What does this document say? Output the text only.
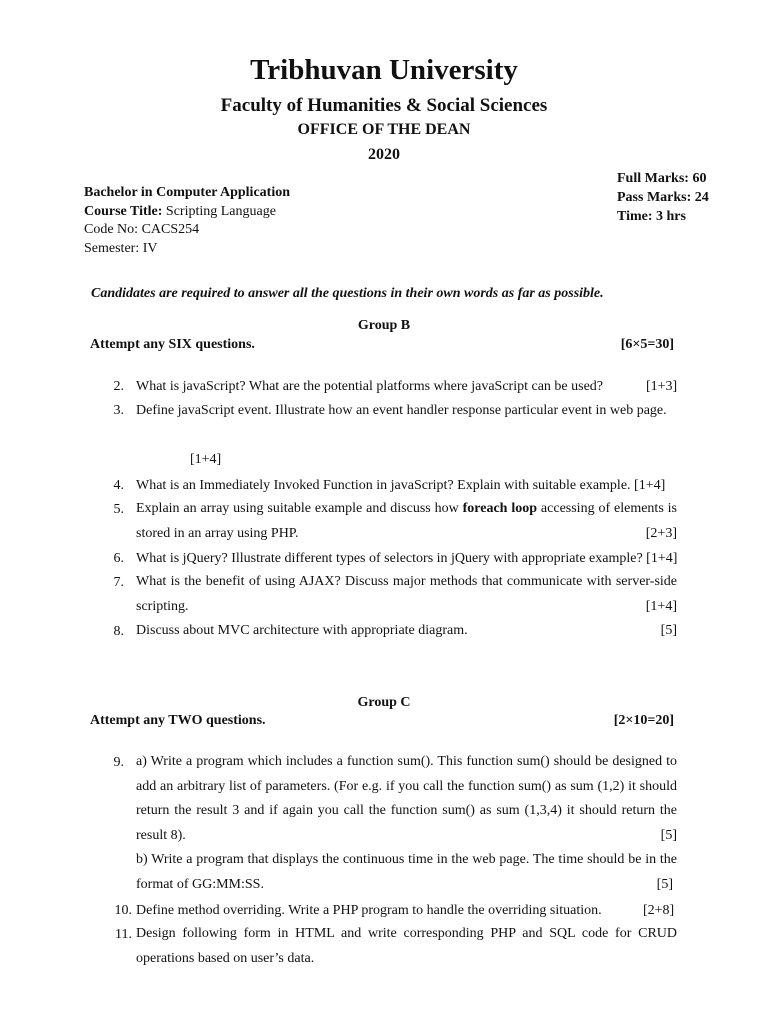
Tribhuvan University
Faculty of Humanities & Social Sciences
OFFICE OF THE DEAN
2020
Bachelor in Computer Application
Course Title: Scripting Language
Code No: CACS254
Semester: IV
Full Marks: 60
Pass Marks: 24
Time: 3 hrs
Candidates are required to answer all the questions in their own words as far as possible.
Group B
Attempt any SIX questions.	[6×5=30]
2. What is javaScript? What are the potential platforms where javaScript can be used?	[1+3]
3. Define javaScript event. Illustrate how an event handler response particular event in web page.
[1+4]
4. What is an Immediately Invoked Function in javaScript? Explain with suitable example. [1+4]
5. Explain an array using suitable example and discuss how foreach loop accessing of elements is
stored in an array using PHP.	[2+3]
6. What is jQuery? Illustrate different types of selectors in jQuery with appropriate example? [1+4]
7. What is the benefit of using AJAX? Discuss major methods that communicate with server-side
scripting.	[1+4]
8. Discuss about MVC architecture with appropriate diagram.	[5]
Group C
Attempt any TWO questions.	[2×10=20]
9. a) Write a program which includes a function sum(). This function sum() should be designed to
add an arbitrary list of parameters. (For e.g. if you call the function sum() as sum (1,2) it should
return the result 3 and if again you call the function sum() as sum (1,3,4) it should return the
result 8).	[5]
b) Write a program that displays the continuous time in the web page. The time should be in the
format of GG:MM:SS.	[5]
10. Define method overriding. Write a PHP program to handle the overriding situation.	[2+8]
11. Design following form in HTML and write corresponding PHP and SQL code for CRUD
operations based on user’s data.
